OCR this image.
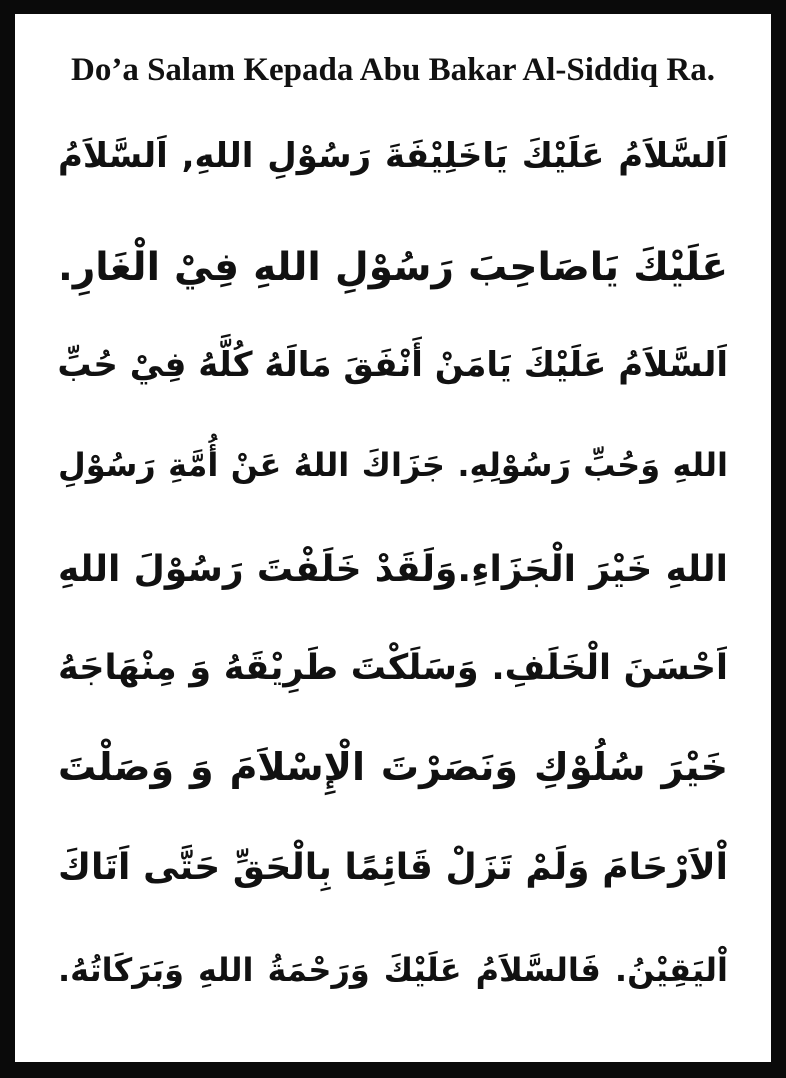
Do’a Salam Kepada Abu Bakar Al-Siddiq Ra.
اَلسَّلاَمُ عَلَيْكَ يَاخَلِيْفَةَ رَسُوْلِ اللهِ, اَلسَّلاَمُ
عَلَيْكَ يَاصَاحِبَ رَسُوْلِ اللهِ فِيْ الْغَارِ.
اَلسَّلاَمُ عَلَيْكَ يَامَنْ أَنْفَقَ مَالَهُ كُلَّهُ فِيْ حُبِّ
اللهِ وَحُبِّ رَسُوْلِهِ. جَزَاكَ اللهُ عَنْ أُمَّةِ رَسُوْلِ
اللهِ خَيْرَ الْجَزَاءِ.وَلَقَدْ خَلَفْتَ رَسُوْلَ اللهِ
اَحْسَنَ الْخَلَفِ. وَسَلَكْتَ طَرِيْقَهُ وَ مِنْهَاجَهُ
خَيْرَ سُلُوْكِ وَنَصَرْتَ الْإِسْلاَمَ وَ وَصَلْتَ
اْلاَرْحَامَ وَلَمْ تَزَلْ قَائِمًا بِالْحَقِّ حَتَّى اَتَاكَ
اْليَقِيْنُ. فَالسَّلاَمُ عَلَيْكَ وَرَحْمَةُ اللهِ وَبَرَكَاتُهُ.
